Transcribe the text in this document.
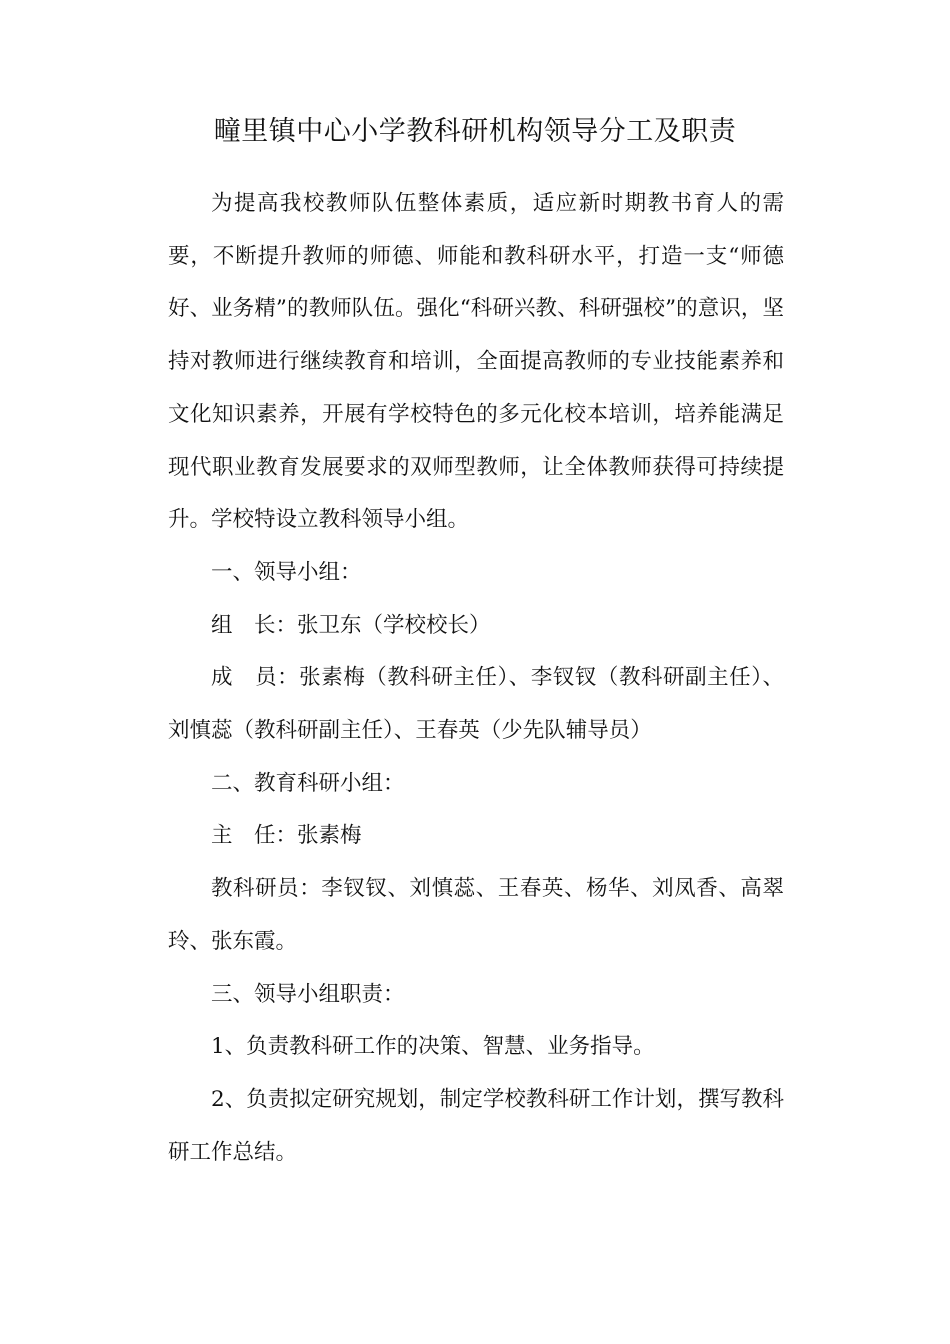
疃里镇中心小学教科研机构领导分工及职责

为提高我校教师队伍整体素质，适应新时期教书育人的需要，不断提升教师的师德、师能和教科研水平，打造一支“师德好、业务精”的教师队伍。强化“科研兴教、科研强校”的意识，坚持对教师进行继续教育和培训，全面提高教师的专业技能素养和文化知识素养，开展有学校特色的多元化校本培训，培养能满足现代职业教育发展要求的双师型教师，让全体教师获得可持续提升。学校特设立教科领导小组。

一、领导小组：

组　长：张卫东（学校校长）

成　员：张素梅（教科研主任）、李钗钗（教科研副主任）、刘慎蕊（教科研副主任）、王春英（少先队辅导员）

二、教育科研小组：

主　任：张素梅

教科研员：李钗钗、刘慎蕊、王春英、杨华、刘凤香、高翠玲、张东霞。

三、领导小组职责：

1、负责教科研工作的决策、智慧、业务指导。

2、负责拟定研究规划，制定学校教科研工作计划，撰写教科研工作总结。
